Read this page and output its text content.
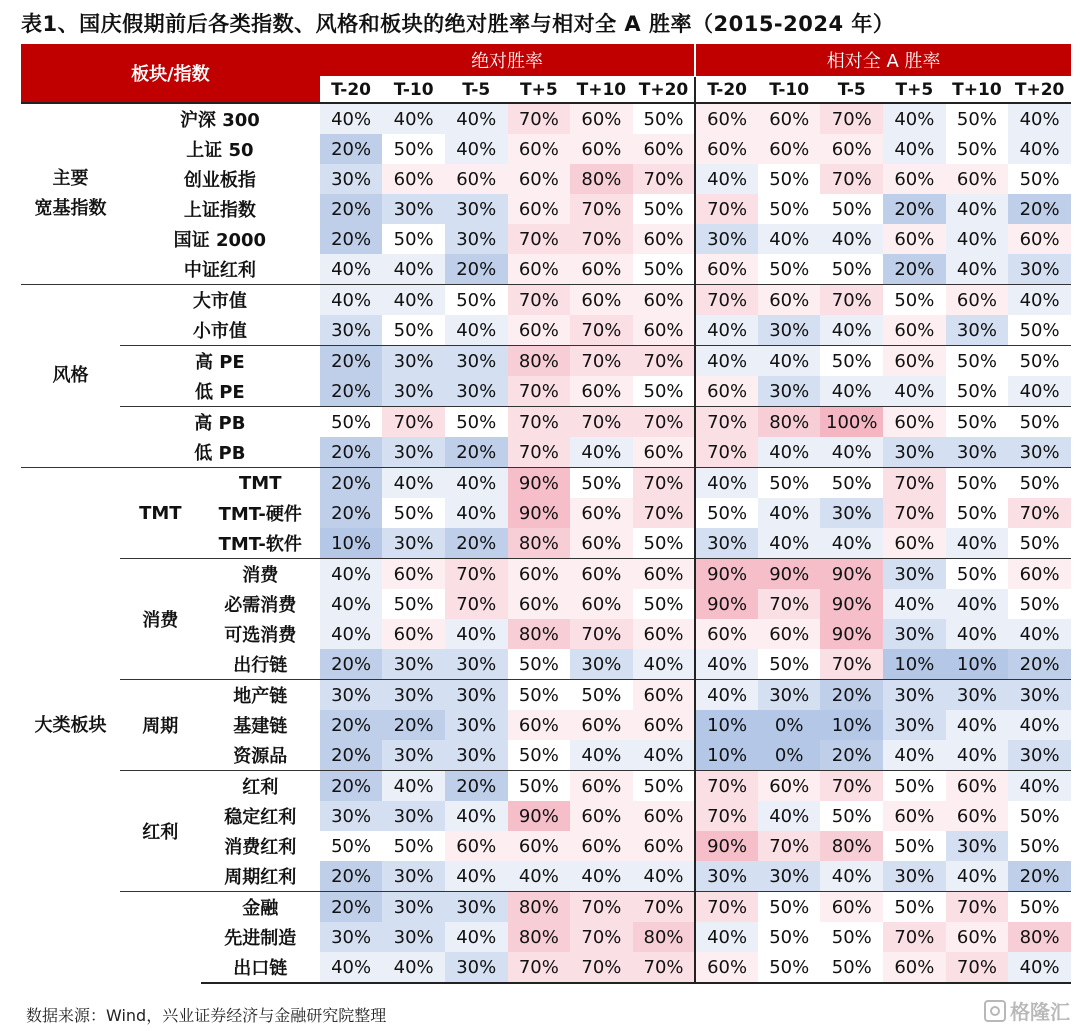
表1、国庆假期前后各类指数、风格和板块的绝对胜率与相对全 A 胜率（2015-2024 年）
板块/指数			绝对胜率						相对全 A 胜率					
			T-20	T-10	T-5	T+5	T+10	T+20	T-20	T-10	T-5	T+5	T+10	T+20
主要
宽基指数	沪深 300		40%	40%	40%	70%	60%	50%	60%	60%	70%	40%	50%	40%
	上证 50		20%	50%	40%	60%	60%	60%	60%	60%	60%	40%	50%	40%
	创业板指		30%	60%	60%	60%	80%	70%	40%	50%	70%	60%	60%	50%
	上证指数		20%	30%	30%	60%	70%	50%	70%	50%	50%	20%	40%	20%
	国证 2000		20%	50%	30%	70%	70%	60%	30%	40%	40%	60%	40%	60%
	中证红利		40%	40%	20%	60%	60%	50%	60%	50%	50%	20%	40%	30%
风格	大市值		40%	40%	50%	70%	60%	60%	70%	60%	70%	50%	60%	40%
	小市值		30%	50%	40%	60%	70%	60%	40%	30%	40%	60%	30%	50%
	高 PE		20%	30%	30%	80%	70%	70%	40%	40%	50%	60%	50%	50%
	低 PE		20%	30%	30%	70%	60%	50%	60%	30%	40%	40%	50%	40%
	高 PB		50%	70%	50%	70%	70%	70%	70%	80%	100%	60%	50%	50%
	低 PB		20%	30%	20%	70%	40%	60%	70%	40%	40%	30%	30%	30%
大类板块	TMT	TMT	20%	40%	40%	90%	50%	70%	40%	50%	50%	70%	50%	50%
		TMT-硬件	20%	50%	40%	90%	60%	70%	50%	40%	30%	70%	50%	70%
		TMT-软件	10%	30%	20%	80%	60%	50%	30%	40%	40%	60%	40%	50%
	消费	消费	40%	60%	70%	60%	60%	60%	90%	90%	90%	30%	50%	60%
		必需消费	40%	50%	70%	60%	60%	50%	90%	70%	90%	40%	40%	50%
		可选消费	40%	60%	40%	80%	70%	60%	60%	60%	90%	30%	40%	40%
		出行链	20%	30%	30%	50%	30%	40%	40%	50%	70%	10%	10%	20%
	周期	地产链	30%	30%	30%	50%	50%	60%	40%	30%	20%	30%	30%	30%
		基建链	20%	20%	30%	60%	60%	60%	10%	0%	10%	30%	40%	40%
		资源品	20%	30%	30%	50%	40%	40%	10%	0%	20%	40%	40%	30%
	红利	红利	20%	40%	20%	50%	60%	50%	70%	60%	70%	50%	60%	40%
		稳定红利	30%	30%	40%	90%	60%	60%	70%	40%	50%	60%	60%	50%
		消费红利	50%	50%	60%	60%	60%	60%	90%	70%	80%	50%	30%	50%
		周期红利	20%	30%	40%	40%	40%	40%	30%	30%	40%	30%	40%	20%
		金融	20%	30%	30%	80%	70%	70%	70%	50%	60%	50%	70%	50%
		先进制造	30%	30%	40%	80%	70%	80%	40%	50%	50%	70%	60%	80%
		出口链	40%	40%	30%	70%	70%	70%	60%	50%	50%	60%	70%	40%
数据来源：Wind，兴业证券经济与金融研究院整理	格隆汇
